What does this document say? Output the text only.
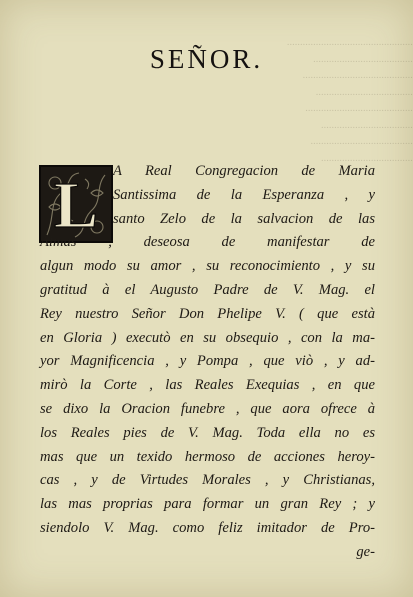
················································
······································
··········································
·····································
·········································
···································
·······································
···································
SEÑOR.
L	A Real Congregacion de Maria
Santissima de la Esperanza , y
santo Zelo de la salvacion de las
Almas , deseosa de manifestar de
algun modo su amor , su reconocimiento , y su
gratitud à el Augusto Padre de V. Mag. el
Rey nuestro Señor Don Phelipe V. ( que està
en Gloria ) executò en su obsequio , con la ma-
yor Magnificencia , y Pompa , que viò , y ad-
mirò la Corte , las Reales Exequias , en que
se dixo la Oracion funebre , que aora ofrece à
los Reales pies de V. Mag. Toda ella no es
mas que un texido hermoso de acciones heroy-
cas , y de Virtudes Morales , y Christianas,
las mas proprias para formar un gran Rey ; y
siendolo V. Mag. como feliz imitador de Pro-
ge-
